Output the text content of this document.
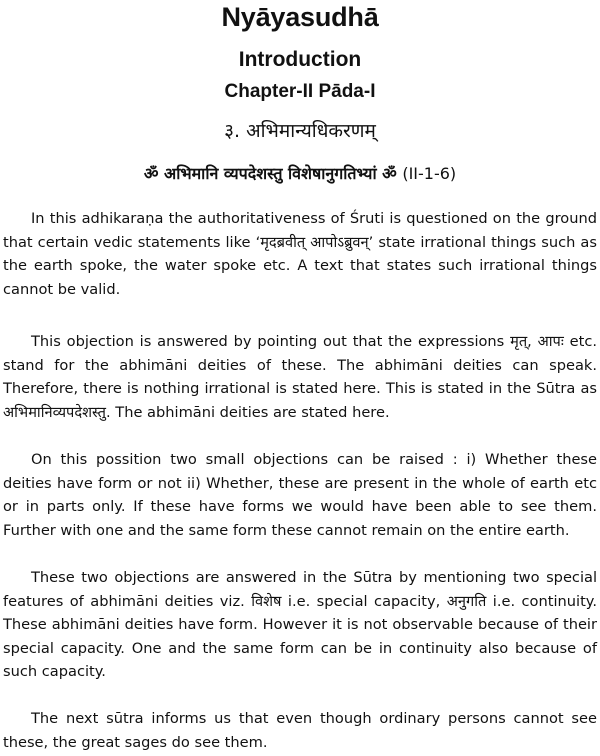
Nyāyasudhā
Introduction
Chapter-II Pāda-I
३. अभिमान्यधिकरणम्
ॐ अभिमानि व्यपदेशस्तु विशेषानुगतिभ्यां ॐ (II-1-6)

In this adhikaraṇa the authoritativeness of Śruti is questioned on the ground that certain vedic statements like ‘मृदब्रवीत् आपोऽब्रुवन्’ state irrational things such as the earth spoke, the water spoke etc. A text that states such irrational things cannot be valid.

This objection is answered by pointing out that the expressions मृत्, आपः etc. stand for the abhimāni deities of these. The abhimāni deities can speak. Therefore, there is nothing irrational is stated here. This is stated in the Sūtra as अभिमानिव्यपदेशस्तु. The abhimāni deities are stated here.

On this possition two small objections can be raised : i) Whether these deities have form or not ii) Whether, these are present in the whole of earth etc or in parts only. If these have forms we would have been able to see them. Further with one and the same form these cannot remain on the entire earth.

These two objections are answered in the Sūtra by mentioning two special features of abhimāni deities viz. विशेष i.e. special capacity, अनुगति i.e. continuity. These abhimāni deities have form. However it is not observable because of their special capacity. One and the same form can be in continuity also because of such capacity.

The next sūtra informs us that even though ordinary persons cannot see these, the great sages do see them.
